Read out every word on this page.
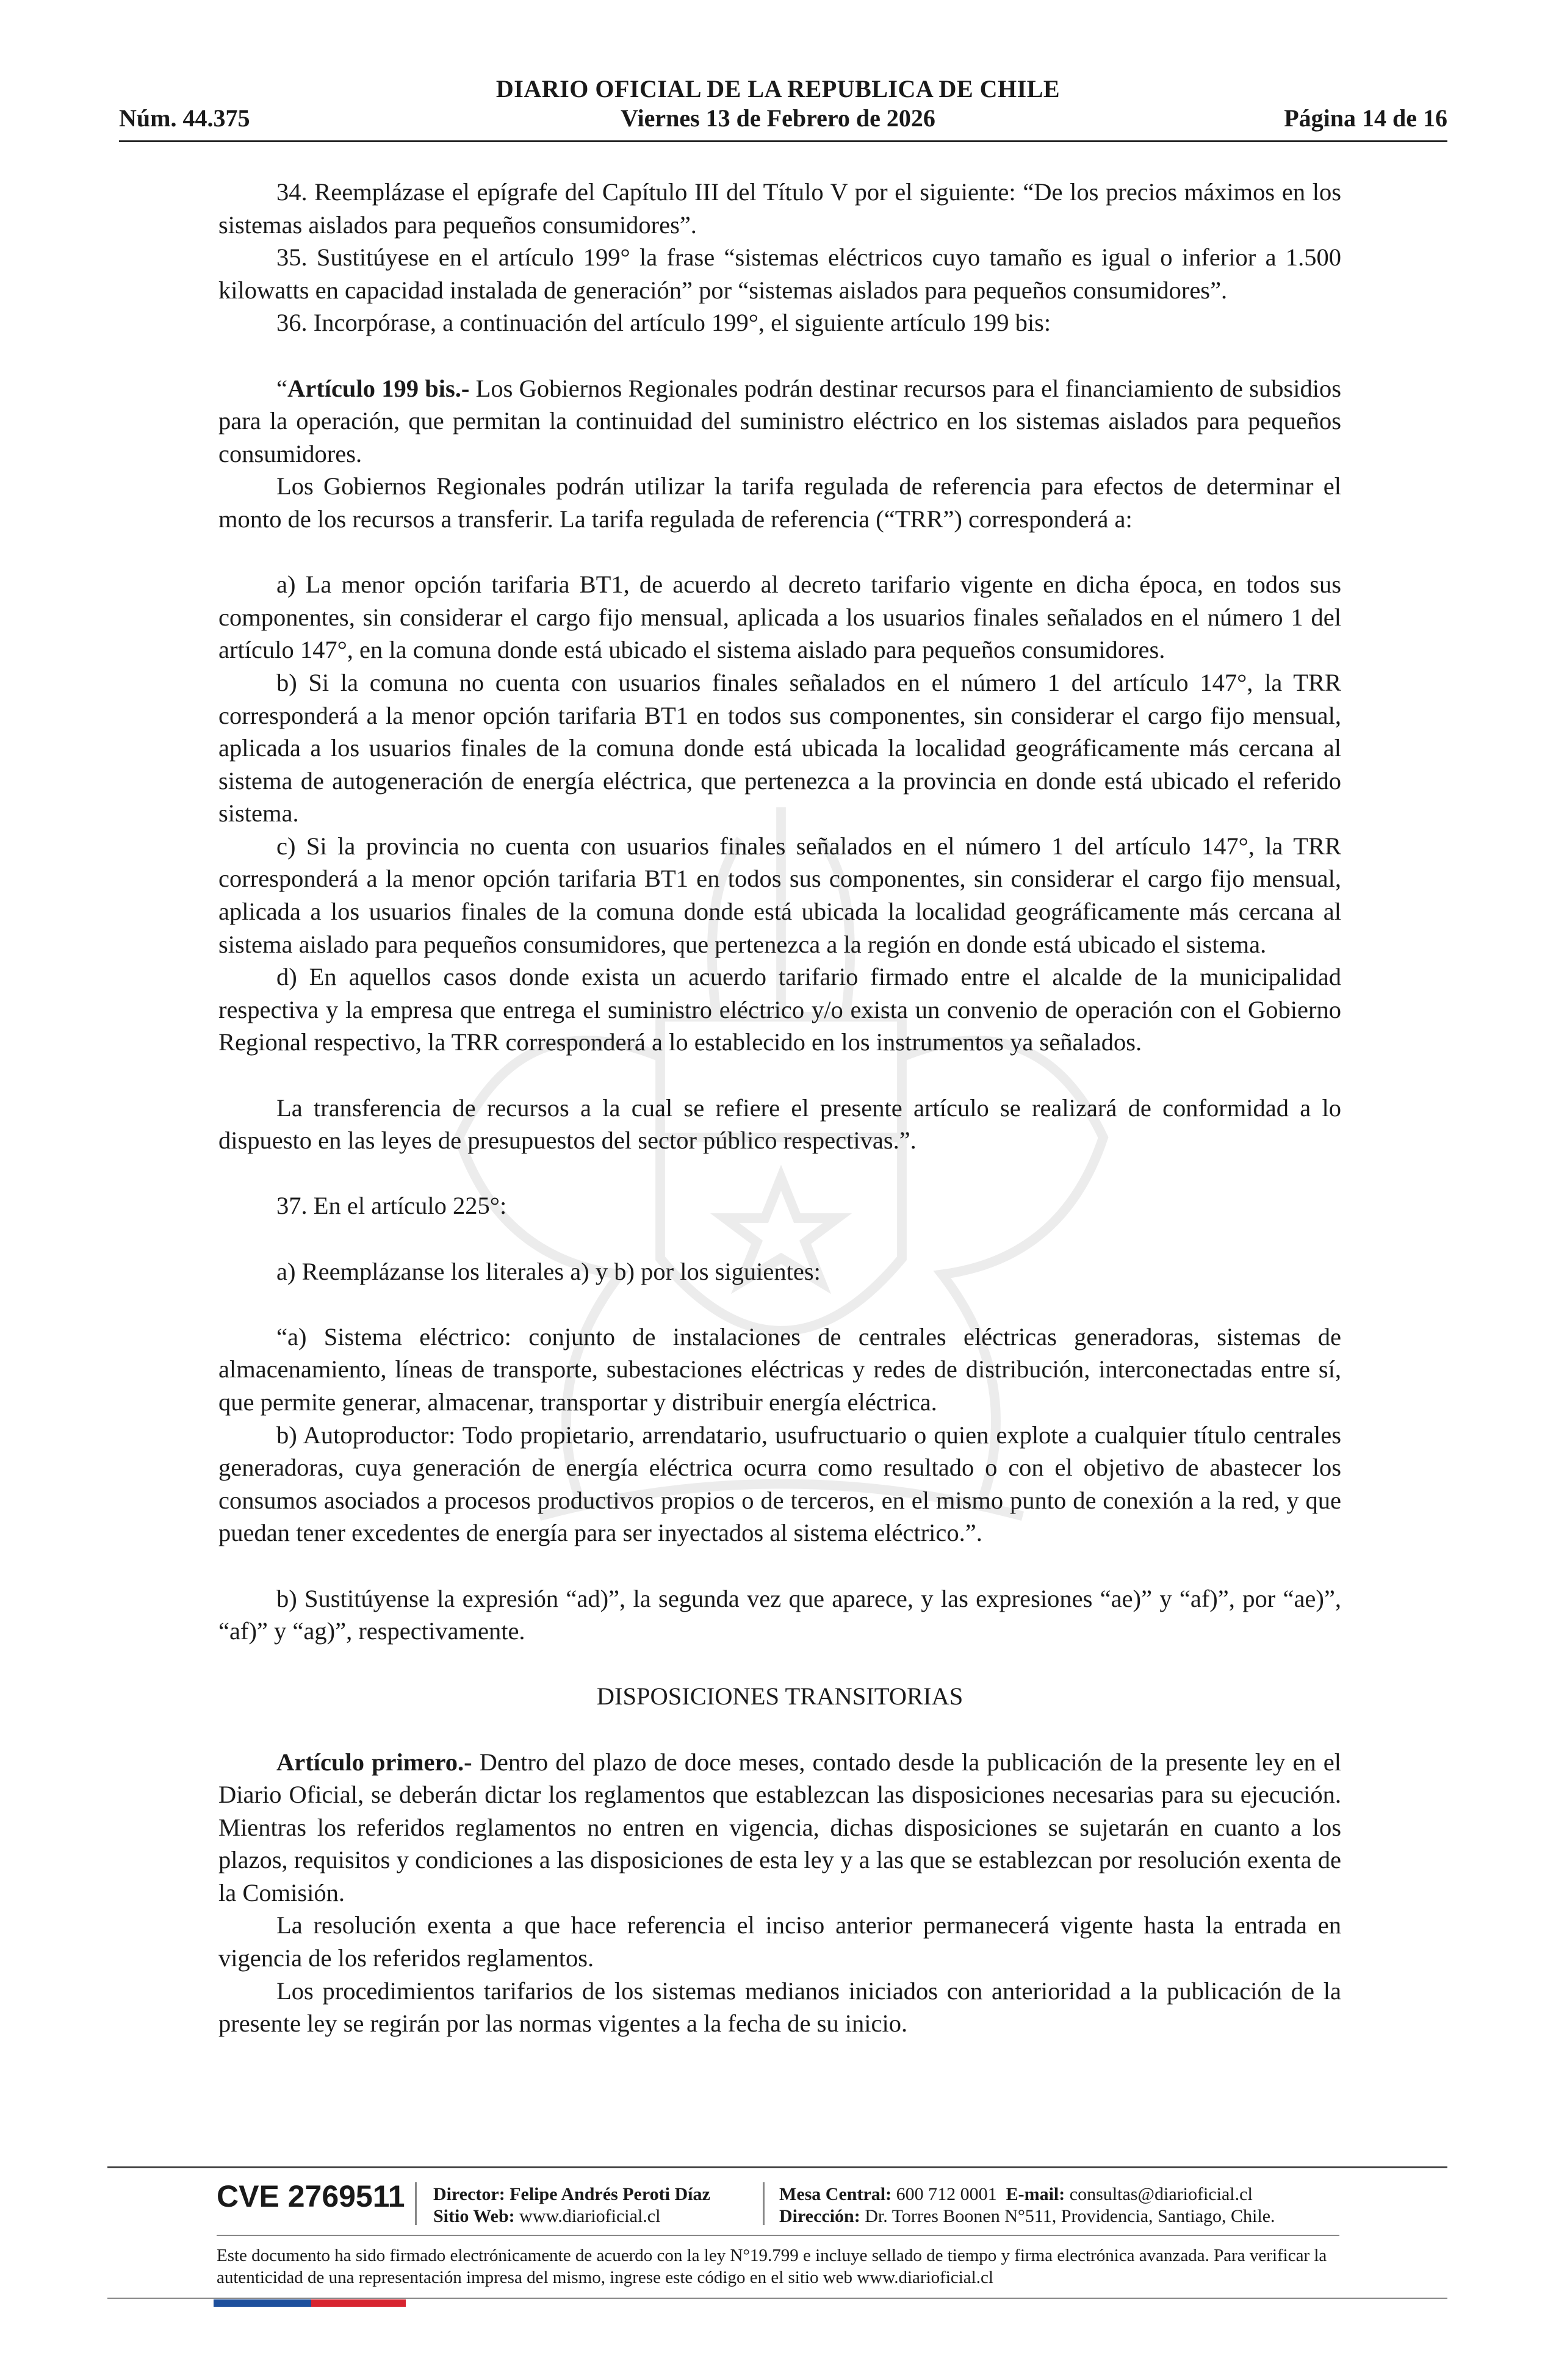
DIARIO OFICIAL DE LA REPUBLICA DE CHILE
Núm. 44.375	Viernes 13 de Febrero de 2026	Página 14 de 16

34. Reemplázase el epígrafe del Capítulo III del Título V por el siguiente: “De los precios máximos en los sistemas aislados para pequeños consumidores”.

35. Sustitúyese en el artículo 199° la frase “sistemas eléctricos cuyo tamaño es igual o inferior a 1.500 kilowatts en capacidad instalada de generación” por “sistemas aislados para pequeños consumidores”.

36. Incorpórase, a continuación del artículo 199°, el siguiente artículo 199 bis:

“Artículo 199 bis.- Los Gobiernos Regionales podrán destinar recursos para el financiamiento de subsidios para la operación, que permitan la continuidad del suministro eléctrico en los sistemas aislados para pequeños consumidores.

Los Gobiernos Regionales podrán utilizar la tarifa regulada de referencia para efectos de determinar el monto de los recursos a transferir. La tarifa regulada de referencia (“TRR”) corresponderá a:

a) La menor opción tarifaria BT1, de acuerdo al decreto tarifario vigente en dicha época, en todos sus componentes, sin considerar el cargo fijo mensual, aplicada a los usuarios finales señalados en el número 1 del artículo 147°, en la comuna donde está ubicado el sistema aislado para pequeños consumidores.

b) Si la comuna no cuenta con usuarios finales señalados en el número 1 del artículo 147°, la TRR corresponderá a la menor opción tarifaria BT1 en todos sus componentes, sin considerar el cargo fijo mensual, aplicada a los usuarios finales de la comuna donde está ubicada la localidad geográficamente más cercana al sistema de autogeneración de energía eléctrica, que pertenezca a la provincia en donde está ubicado el referido sistema.

c) Si la provincia no cuenta con usuarios finales señalados en el número 1 del artículo 147°, la TRR corresponderá a la menor opción tarifaria BT1 en todos sus componentes, sin considerar el cargo fijo mensual, aplicada a los usuarios finales de la comuna donde está ubicada la localidad geográficamente más cercana al sistema aislado para pequeños consumidores, que pertenezca a la región en donde está ubicado el sistema.

d) En aquellos casos donde exista un acuerdo tarifario firmado entre el alcalde de la municipalidad respectiva y la empresa que entrega el suministro eléctrico y/o exista un convenio de operación con el Gobierno Regional respectivo, la TRR corresponderá a lo establecido en los instrumentos ya señalados.

La transferencia de recursos a la cual se refiere el presente artículo se realizará de conformidad a lo dispuesto en las leyes de presupuestos del sector público respectivas.”.

37. En el artículo 225°:

a) Reemplázanse los literales a) y b) por los siguientes:

“a) Sistema eléctrico: conjunto de instalaciones de centrales eléctricas generadoras, sistemas de almacenamiento, líneas de transporte, subestaciones eléctricas y redes de distribución, interconectadas entre sí, que permite generar, almacenar, transportar y distribuir energía eléctrica.

b) Autoproductor: Todo propietario, arrendatario, usufructuario o quien explote a cualquier título centrales generadoras, cuya generación de energía eléctrica ocurra como resultado o con el objetivo de abastecer los consumos asociados a procesos productivos propios o de terceros, en el mismo punto de conexión a la red, y que puedan tener excedentes de energía para ser inyectados al sistema eléctrico.”.

b) Sustitúyense la expresión “ad)”, la segunda vez que aparece, y las expresiones “ae)” y “af)”, por “ae)”, “af)” y “ag)”, respectivamente.

DISPOSICIONES TRANSITORIAS

Artículo primero.- Dentro del plazo de doce meses, contado desde la publicación de la presente ley en el Diario Oficial, se deberán dictar los reglamentos que establezcan las disposiciones necesarias para su ejecución. Mientras los referidos reglamentos no entren en vigencia, dichas disposiciones se sujetarán en cuanto a los plazos, requisitos y condiciones a las disposiciones de esta ley y a las que se establezcan por resolución exenta de la Comisión.

La resolución exenta a que hace referencia el inciso anterior permanecerá vigente hasta la entrada en vigencia de los referidos reglamentos.

Los procedimientos tarifarios de los sistemas medianos iniciados con anterioridad a la publicación de la presente ley se regirán por las normas vigentes a la fecha de su inicio.

CVE 2769511 Director: Felipe Andrés Peroti Díaz
Sitio Web: www.diarioficial.cl
Mesa Central: 600 712 0001 E-mail: consultas@diarioficial.cl
Dirección: Dr. Torres Boonen N°511, Providencia, Santiago, Chile.
Este documento ha sido firmado electrónicamente de acuerdo con la ley N°19.799 e incluye sellado de tiempo y firma electrónica avanzada. Para verificar la autenticidad de una representación impresa del mismo, ingrese este código en el sitio web www.diarioficial.cl
